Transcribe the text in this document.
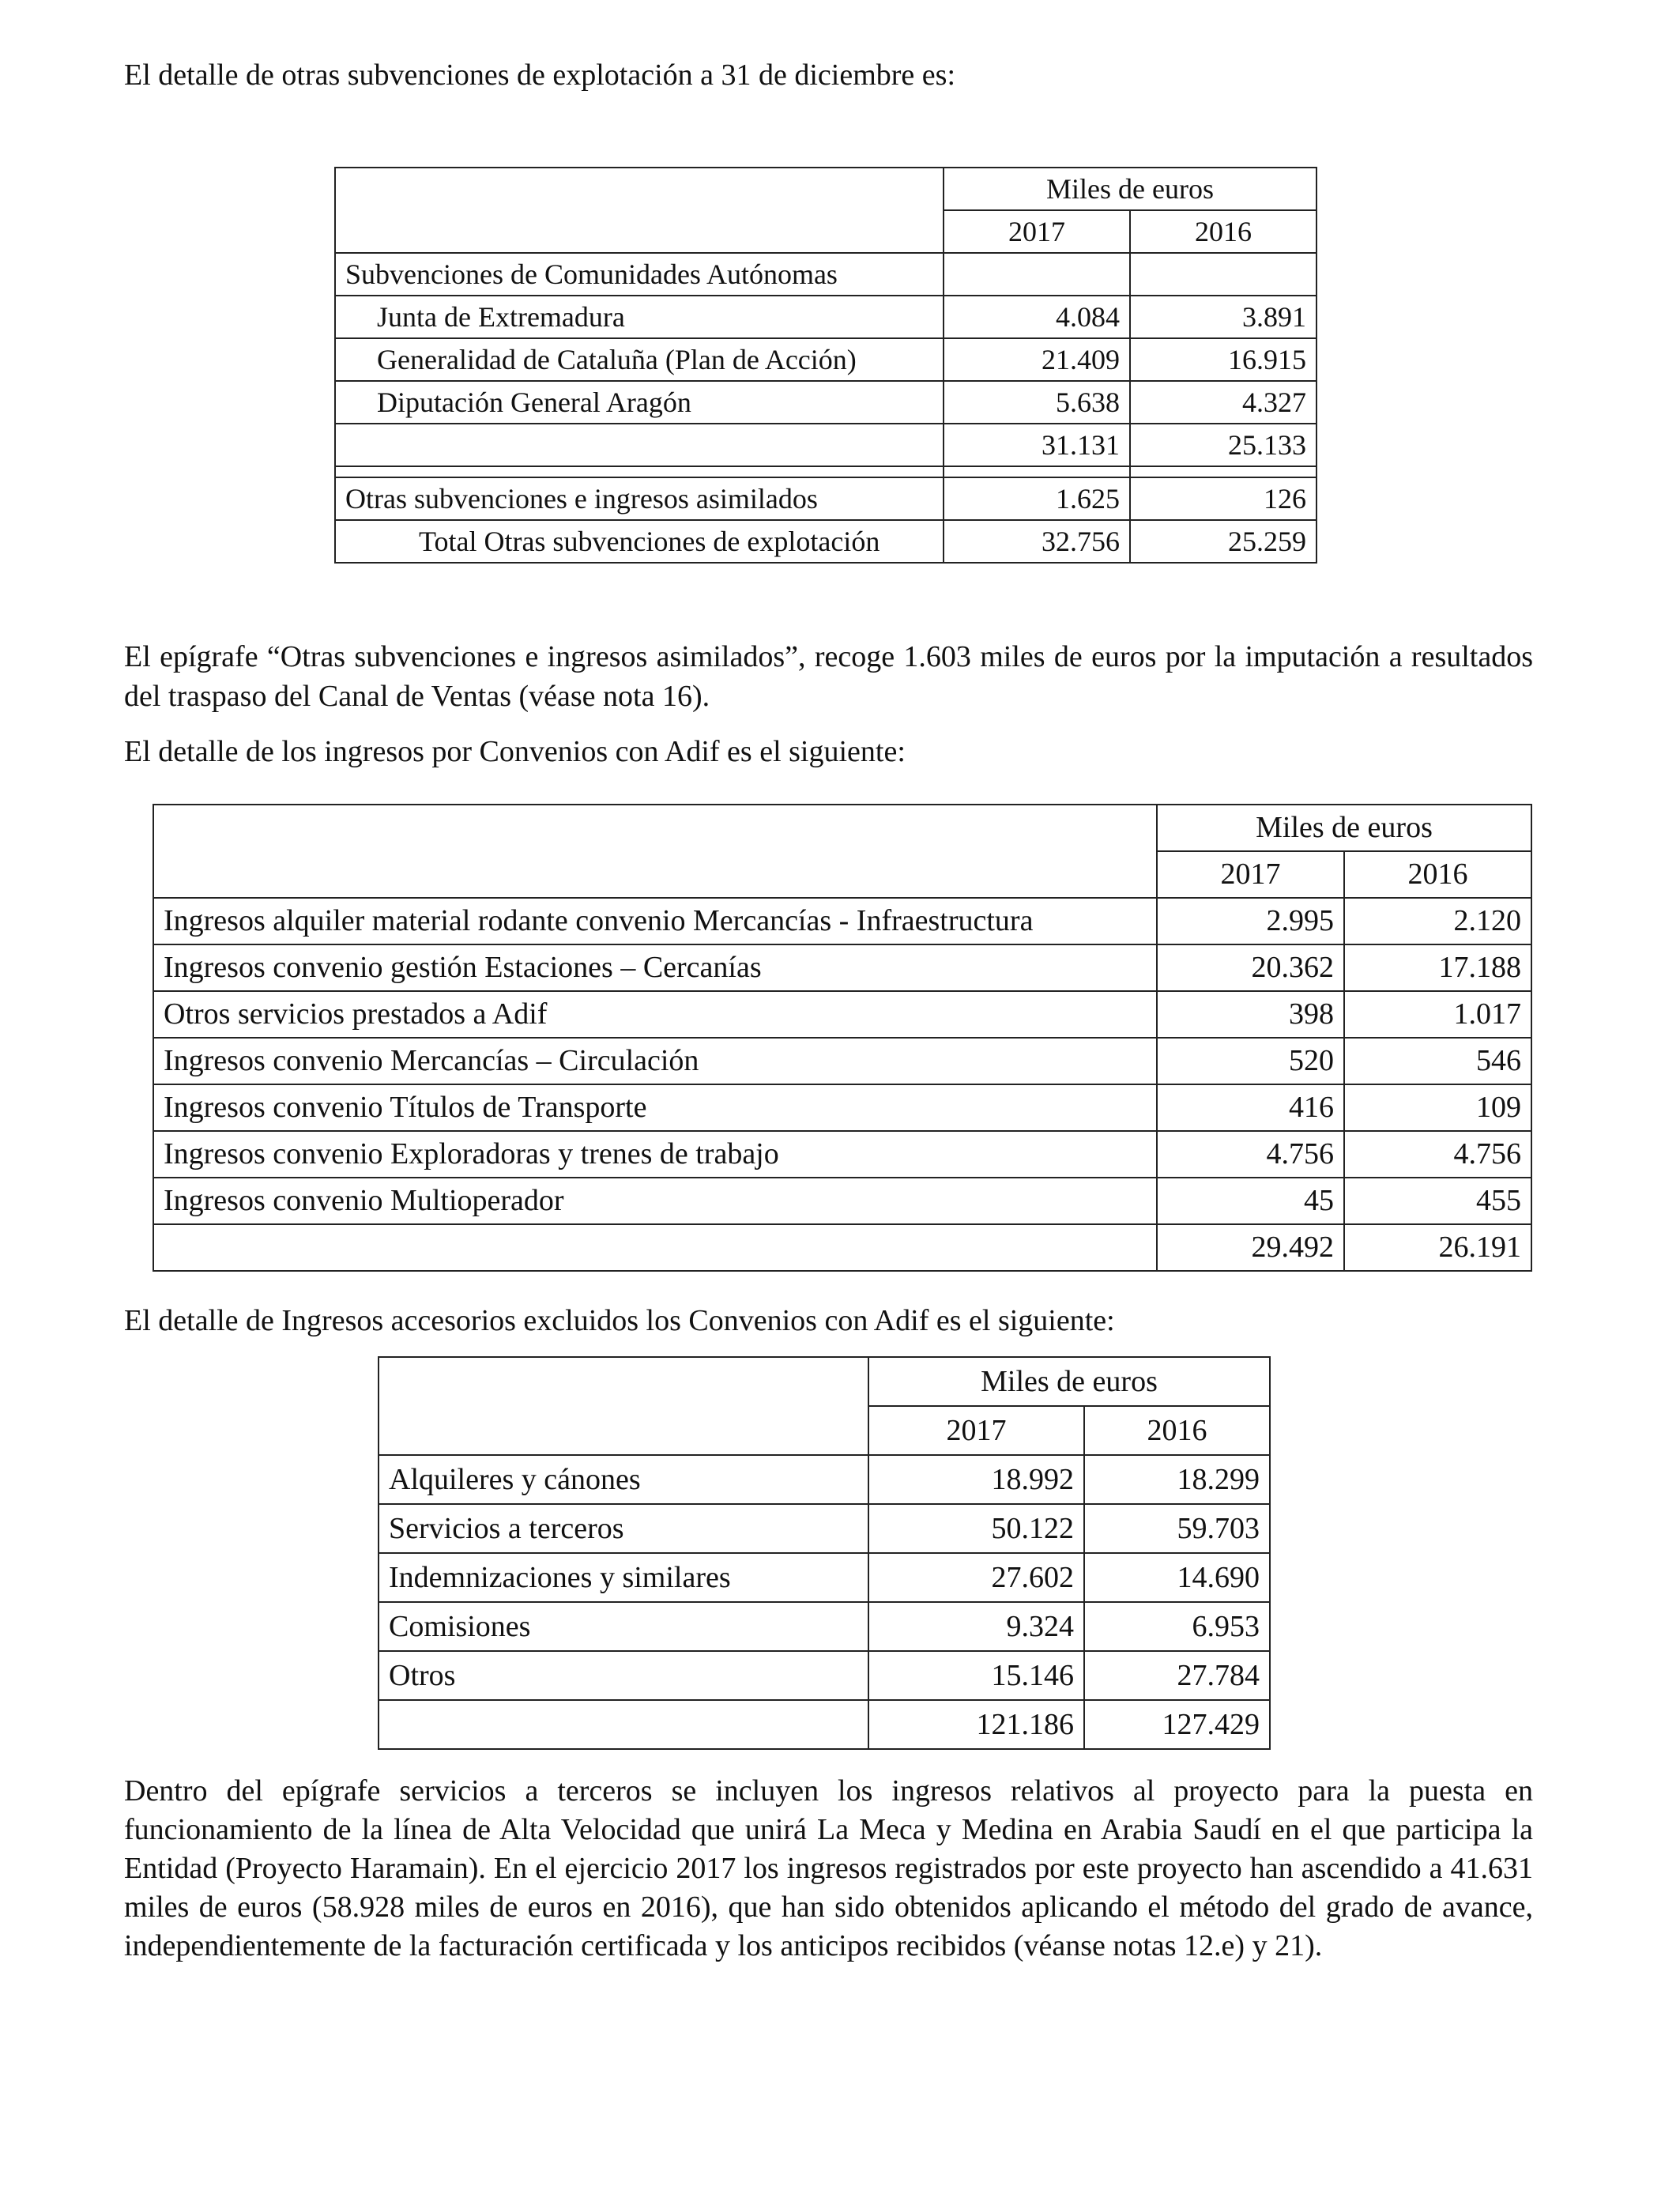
El detalle de otras subvenciones de explotación a 31 de diciembre es:

	Miles de euros	
	2017	2016
Subvenciones de Comunidades Autónomas		
Junta de Extremadura	4.084	3.891
Generalidad de Cataluña (Plan de Acción)	21.409	16.915
Diputación General Aragón	5.638	4.327
	31.131	25.133

Otras subvenciones e ingresos asimilados	1.625	126
Total Otras subvenciones de explotación	32.756	25.259

El epígrafe “Otras subvenciones e ingresos asimilados”, recoge 1.603 miles de euros por la imputación a resultados del traspaso del Canal de Ventas (véase nota 16).

El detalle de los ingresos por Convenios con Adif es el siguiente:

	Miles de euros	
	2017	2016
Ingresos alquiler material rodante convenio Mercancías - Infraestructura	2.995	2.120
Ingresos convenio gestión Estaciones – Cercanías	20.362	17.188
Otros servicios prestados a Adif	398	1.017
Ingresos convenio Mercancías – Circulación	520	546
Ingresos convenio Títulos de Transporte	416	109
Ingresos convenio Exploradoras y trenes de trabajo	4.756	4.756
Ingresos convenio Multioperador	45	455
	29.492	26.191

El detalle de Ingresos accesorios excluidos los Convenios con Adif es el siguiente:

	Miles de euros	
	2017	2016
Alquileres y cánones	18.992	18.299
Servicios a terceros	50.122	59.703
Indemnizaciones y similares	27.602	14.690
Comisiones	9.324	6.953
Otros	15.146	27.784
	121.186	127.429

Dentro del epígrafe servicios a terceros se incluyen los ingresos relativos al proyecto para la puesta en funcionamiento de la línea de Alta Velocidad que unirá La Meca y Medina en Arabia Saudí en el que participa la Entidad (Proyecto Haramain). En el ejercicio 2017 los ingresos registrados por este proyecto han ascendido a 41.631 miles de euros (58.928 miles de euros en 2016), que han sido obtenidos aplicando el método del grado de avance, independientemente de la facturación certificada y los anticipos recibidos (véanse notas 12.e) y 21).
